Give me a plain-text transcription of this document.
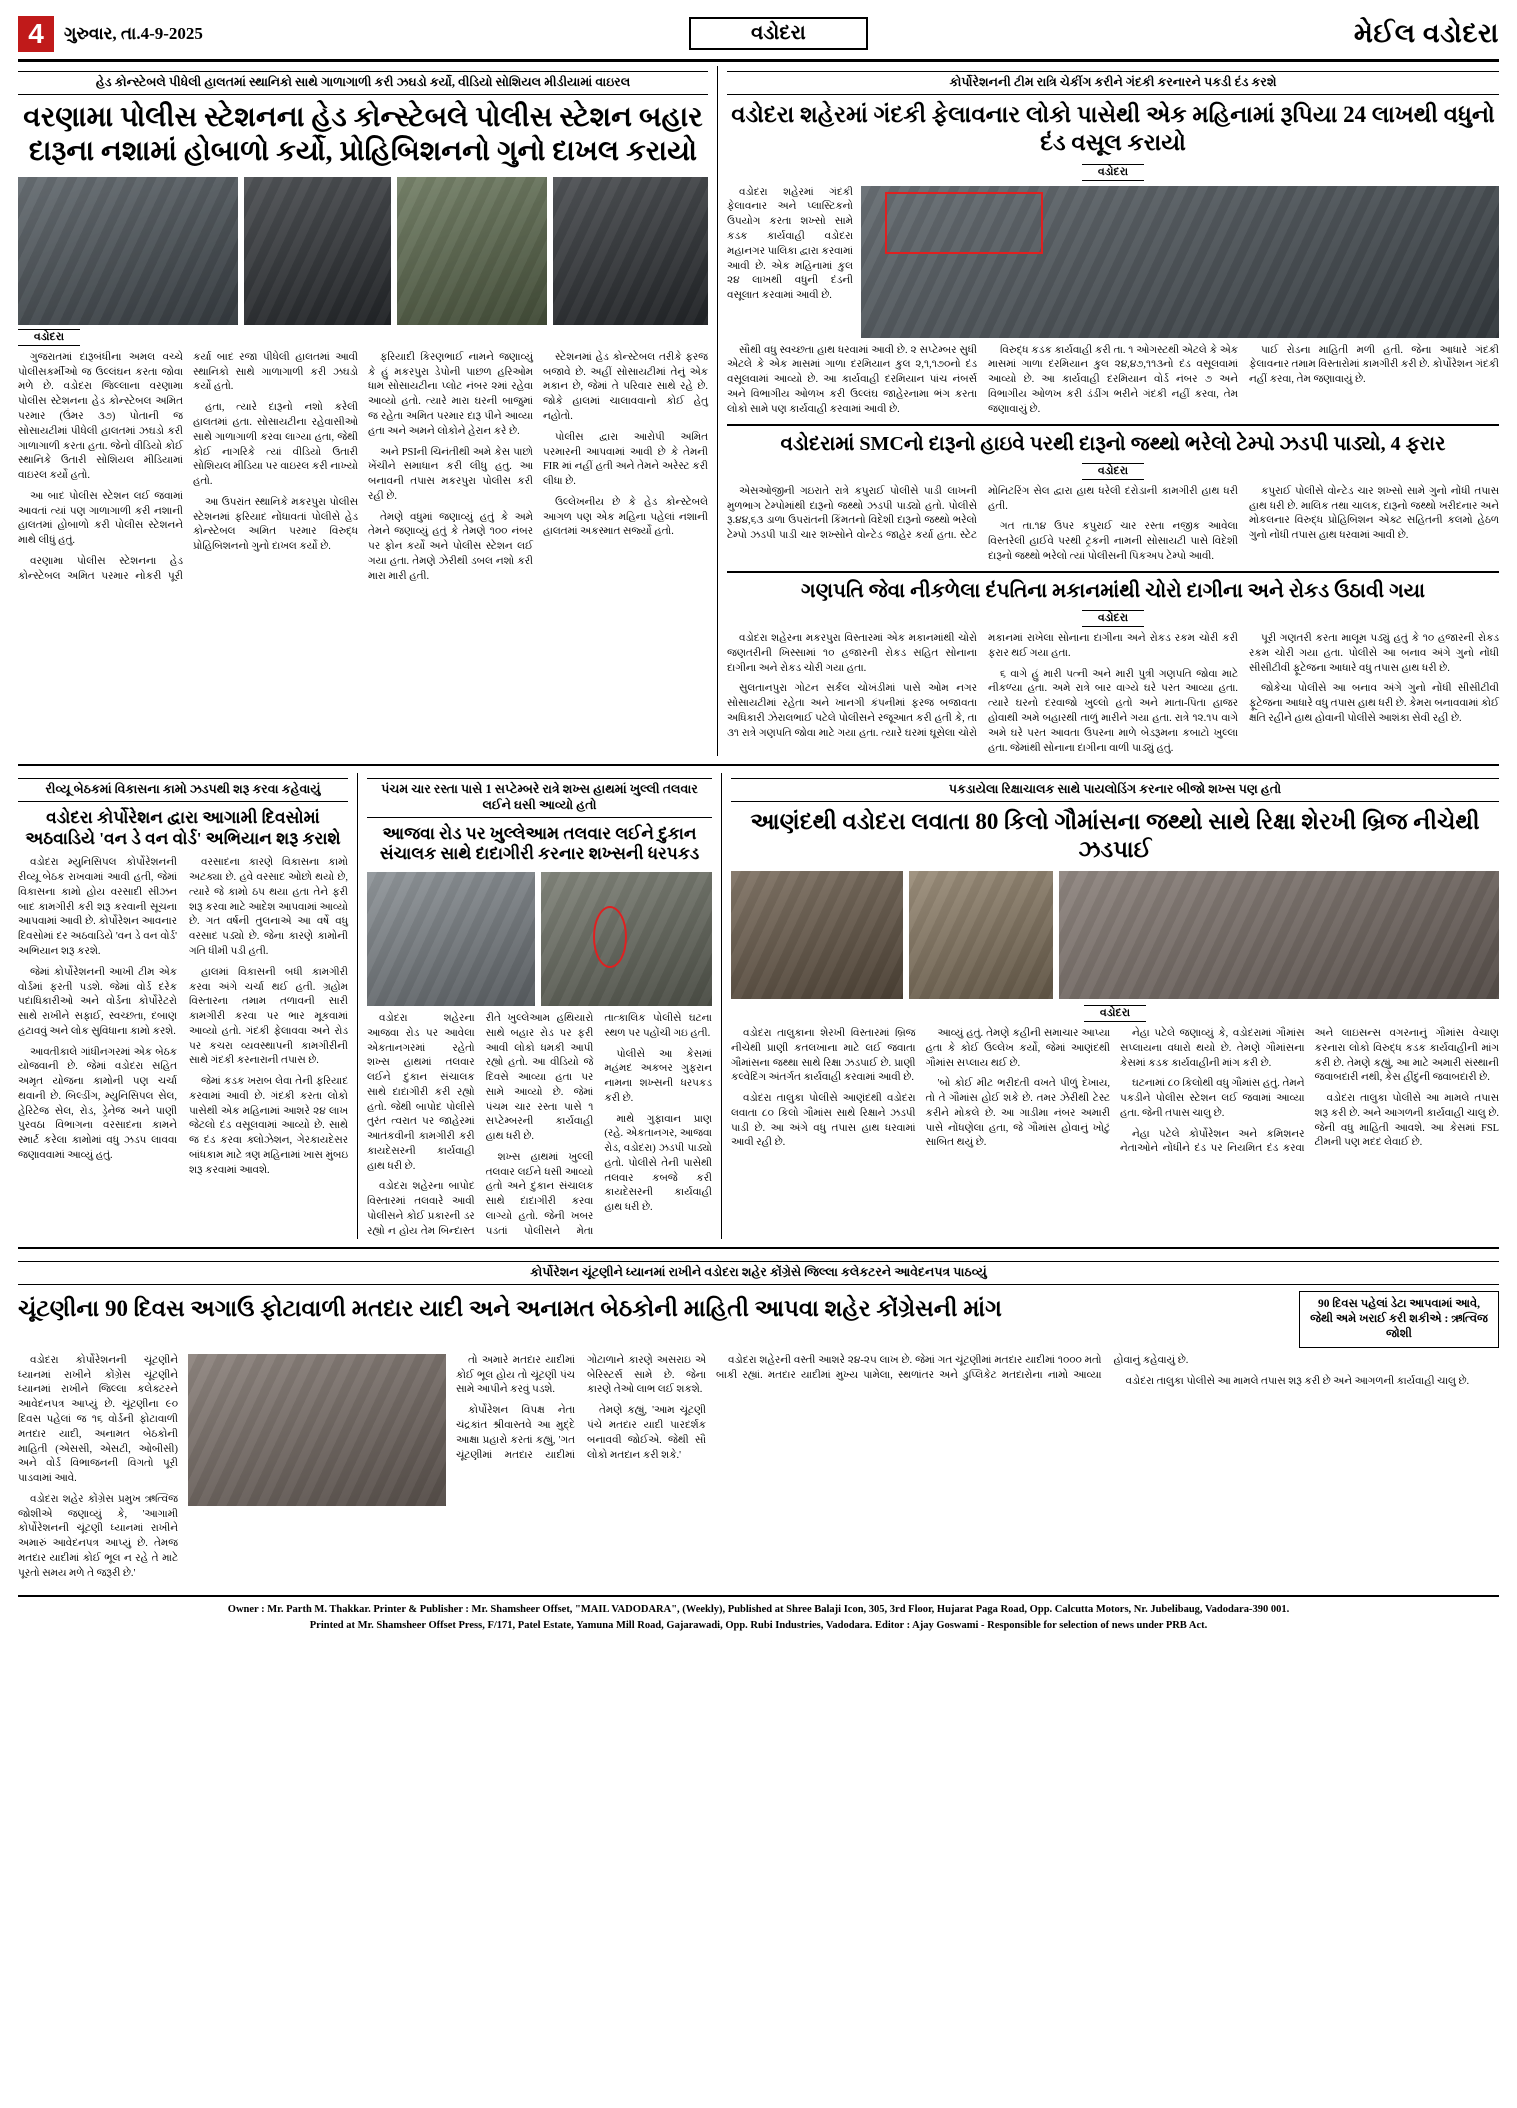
4	ગુરુવાર, તા.4-9-2025	વડોદરા	મેઈલ વડોદરા
હેડ કોન્સ્ટેબલે પીધેલી હાલતમાં સ્થાનિકો સાથે ગાળાગાળી કરી ઝઘડો કર્યો, વીડિયો સોશિયલ મીડીયામાં વાઇરલ
વરણામા પોલીસ સ્ટેશનના હેડ કોન્સ્ટેબલે પોલીસ સ્ટેશન બહાર દારૂના નશામાં હોબાળો કર્યો, પ્રોહિબિશનનો ગુનો દાખલ કરાયો
વડોદરા

ગુજરાતમાં દારૂબંધીના અમલ વચ્ચે પોલીસકર્મીઓ જ ઉલ્લંઘન કરતા જોવા મળે છે. વડોદરા જિલ્લાના વરણામા પોલીસ સ્ટેશનના હેડ કોન્સ્ટેબલ અમિત પરમાર (ઉંમર ૩૭) પોતાની જ સોસાયટીમાં પીધેલી હાલતમાં ઝઘડો કરી ગાળાગાળી કરતા હતા. જેનો વીડિયો કોઈ સ્થાનિકે ઉતારી સોશિયલ મીડિયામાં વાઇરલ કર્યો હતો.

આ બાદ પોલીસ સ્ટેશન લઈ જવામાં આવતાં ત્યાં પણ ગાળાગાળી કરી નશાની હાલતમાં હોબાળો કરી પોલીસ સ્ટેશનને માથે લીધું હતું.

વરણામા પોલીસ સ્ટેશનના હેડ કોન્સ્ટેબલ અમિત પરમાર નોકરી પૂરી કર્યા બાદ રજા પીધેલી હાલતમાં આવી સ્થાનિકો સાથે ગાળાગાળી કરી ઝઘડો કર્યો હતો.

હતા, ત્યારે દારૂનો નશો કરેલી હાલતમાં હતા. સોસાયટીના રહેવાસીઓ સાથે ગાળાગાળી કરવા લાગ્યા હતા, જેથી કોઈ નાગરિકે ત્યાં વીડિયો ઉતારી સોશિયલ મીડિયા પર વાઇરલ કરી નાખ્યો હતો.

આ ઉપરાંત સ્થાનિકે મકરપુરા પોલીસ સ્ટેશનમાં ફરિયાદ નોંધાવતાં પોલીસે હેડ કોન્સ્ટેબલ અમિત પરમાર વિરુદ્ધ પ્રોહિબિશનનો ગુનો દાખલ કર્યો છે.

ફરિયાદી કિરણભાઈ નામને જણાવ્યું કે હું મકરપુરા ડેપોની પાછળ હરિઓમ ધામ સોસાયટીના પ્લોટ નંબર ૨માં રહેવા આવ્યો હતો. ત્યારે મારા ઘરની બાજુમાં જ રહેતા અમિત પરમાર દારૂ પીને આવ્યા હતા અને અમને લોકોને હેરાન કરે છે.

અને PSIની ચિનંતીથી અમે કેસ પાછો ખેંચીને સમાધાન કરી લીધુ હતુ. આ બનાવની તપાસ મકરપુરા પોલીસ કરી રહી છે.

તેમણે વધુમાં જણાવ્યું હતું કે અમે તેમને જણાવ્યું હતું કે તેમણે ૧૦૦ નંબર પર ફોન કર્યો અને પોલીસ સ્ટેશન લઈ ગયા હતા. તેમણે ઝેરીથી ડબલ નશો કરી મારા મારી હતી.

સ્ટેશનમાં હેડ કોન્સ્ટેબલ તરીકે ફરજ બજાવે છે. અહીં સોસાયટીમાં તેનું એક મકાન છે, જેમાં તે પરિવાર સાથે રહે છે. જોકે હાલમાં ચાલાવવાનો કોઈ હેતુ નહોતો.

પોલીસ દ્વારા આરોપી અમિત પરમારની આપવામાં આવી છે કે તેમની FIR માં નહીં હતી અને તેમને અરેસ્ટ કરી લીધા છે.

ઉલ્લેખનીય છે કે હેડ કોન્સ્ટેબલે આગળ પણ એક મહિના પહેલાં નશાની હાલતમાં અકસ્માત સર્જ્યો હતો.

કોર્પોરેશનની ટીમ રાત્રિ ચેકીંગ કરીને ગંદકી કરનારને પકડી દંડ કરશે
વડોદરા શહેરમાં ગંદકી ફેલાવનાર લોકો પાસેથી એક મહિનામાં રૂપિયા 24 લાખથી વધુનો દંડ વસૂલ કરાયો
વડોદરા

વડોદરા શહેરમાં ગંદકી ફેલાવનાર અને પ્લાસ્ટિકનો ઉપયોગ કરતા શખ્સો સામે કડક કાર્યવાહી વડોદરા મહાનગર પાલિકા દ્વારા કરવામાં આવી છે. એક મહિનામાં કુલ ૨૪ લાખથી વધુની દંડની વસૂલાત કરવામાં આવી છે.

સૌથી વધુ સ્વચ્છતા હાથ ધરવામાં આવી છે. ૨ સપ્ટેમ્બર સુધી એટલે કે એક માસમાં ગાળા દરમિયાન કુલ ૨,૧,૧૭૦નો દંડ વસૂલવામાં આવ્યો છે. આ કાર્યવાહી દરમિયાન પાંચ નંબર્સ અને વિભાગીય ઓળખ કરી ઉલ્લંઘ જાહેરનામા ભંગ કરતા લોકો સામે પણ કાર્યવાહી કરવામાં આવી છે.

વિરુદ્ધ કડક કાર્યવાહી કરી તા. ૧ ઓગસ્ટથી એટલે કે એક માસમાં ગાળા દરમિયાન કુલ ૨૪,૪૭,૧૧૩નો દંડ વસૂલવામાં આવ્યો છે. આ કાર્યવાહી દરમિયાન વોર્ડ નંબર ૭ અને વિભાગીય ઓળખ કરી ડંડીંગ ભરીને ગંદકી નહીં કરવા, તેમ જણાવાયું છે.

પાઈ રોડના માહિતી મળી હતી. જેના આધારે ગંદકી ફેલાવનાર તમામ વિસ્તારોમાં કામગીરી કરી છે. કોર્પોરેશન ગંદકી નહીં કરવા, તેમ જણાવાયું છે.

વડોદરામાં SMCનો દારૂનો હાઇવે પરથી દારૂનો જથ્થો ભરેલો ટેમ્પો ઝડપી પાડ્યો, 4 ફરાર
વડોદરા

એસઓજીની ગઇરાતે રાત્રે કપુરાઈ પોલીસે પાડી લાખની મુળભાગ ટેમ્પોમાંથી દારૂનો જથ્થો ઝડપી પાડ્યો હતો. પોલીસે રૂ.૪૪,૬૩ ડાળા ઉપરાંતની કિંમતનો વિદેશી દારૂનો જથ્થો ભરેલો ટેમ્પો ઝડપી પાડી ચાર શખ્સોને વોન્ટેડ જાહેર કર્યા હતા. સ્ટેટ મોનિટરિંગ સેલ દ્વારા હાથ ધરેલી દરોડાની કામગીરી હાથ ધરી હતી.

ગત તા.૧૪ ઉપર કપુરાઈ ચાર રસ્તા નજીક આવેલા વિસ્તરેલી હાઈવે પરથી ટ્રકની નામની સોસાયટી પાસે વિદેશી દારૂનો જથ્થો ભરેલો ત્યાં પોલીસની પિકઅપ ટેમ્પો આવી.

કપુરાઈ પોલીસે વોન્ટેડ ચાર શખ્સો સામે ગુનો નોંધી તપાસ હાથ ધરી છે. માલિક તથા ચાલક, દારૂનો જથ્થો ખરીદનાર અને મોકલનાર વિરુદ્ધ પ્રોહિબિશન એક્ટ સહિતની કલમો હેઠળ ગુનો નોંધી તપાસ હાથ ધરવામાં આવી છે.

ગણપતિ જેવા નીકળેલા દંપતિના મકાનમાંથી ચોરો દાગીના અને રોકડ ઉઠાવી ગયા
વડોદરા

વડોદરા શહેરના મકરપુરા વિસ્તારમાં એક મકાનમાંથી ચોરો જણતરીની ખિસ્સામાં ૧૦ હજારની રોકડ સહિત સોનાના દાગીના અને રોકડ ચોરી ગયા હતા.

સુલતાનપુરા ગોટન સર્કલ ચોખંડીમાં પાસે ઓમ નગર સોસાયટીમાં રહેતા અને ખાનગી કંપનીમાં ફરજ બજાવતા અધિકારી ઝેરાલભાઈ પટેલે પોલીસને રજૂઆત કરી હતી કે, તા ૩૧ રાત્રે ગણપતિ જોવા માટે ગયા હતા. ત્યારે ઘરમાં ઘૂસેલા ચોરો મકાનમાં રાખેલા સોનાના દાગીના અને રોકડ રકમ ચોરી કરી ફરાર થઈ ગયા હતા.

૬ વાગે હું મારી પત્ની અને મારી પુત્રી ગણપતિ જોવા માટે નીકળ્યા હતા. અમે રાત્રે બાર વાગ્યે ઘરે પરત આવ્યા હતા. ત્યારે ઘરનો દરવાજો ખુલ્લો હતો અને માતા-પિતા હાજર હોવાથી અમે બહારથી તાળું મારીને ગયા હતા. રાત્રે ૧૨.૧૫ વાગે અમે ઘરે પરત આવતા ઉપરના માળે બેડરૂમના કબાટો ખુલ્લા હતા. જેમાંથી સોનાના દાગીના વાળી પાડ્યું હતું.

પૂરી ગણતરી કરતા માલૂમ પડ્યું હતું કે ૧૦ હજારની રોકડ રકમ ચોરી ગયા હતા. પોલીસે આ બનાવ અંગે ગુનો નોંધી સીસીટીવી ફૂટેજના આધારે વધુ તપાસ હાથ ધરી છે.

જોકેચા પોલીસે આ બનાવ અંગે ગુનો નોંધી સીસીટીવી ફૂટેજના આધારે વધુ તપાસ હાથ ધરી છે. કેમરા બનાવવામાં કોઈ ક્ષતિ રહીને હાથ હોવાની પોલીસે આશંકા સેવી રહી છે.

રીવ્યૂ બેઠકમાં વિકાસના કામો ઝડપથી શરૂ કરવા કહેવાયું
વડોદરા કોર્પોરેશન દ્વારા આગામી દિવસોમાં અઠવાડિયે 'વન ડે વન વોર્ડ' અભિયાન શરૂ કરાશે

વડોદરા મ્યુનિસિપલ કોર્પોરેશનની રીવ્યૂ બેઠક રાખવામાં આવી હતી, જેમાં વિકાસના કામો હોય વરસાદી સીઝન બાદ કામગીરી કરી શરૂ કરવાની સૂચના આપવામાં આવી છે. કોર્પોરેશન આવનાર દિવસોમાં દર અઠવાડિયે 'વન ડે વન વોર્ડ' અભિયાન શરૂ કરશે.

જેમાં કોર્પોરેશનની આખી ટીમ એક વોર્ડમાં ફરતી પડશે. જેમાં વોર્ડ દરેક પદાધિકારીઓ અને વોર્ડના કોર્પોરેટરો સાથે રાખીને સફાઈ, સ્વચ્છતા, દબાણ હટાવવું અને લોક સુવિધાના કામો કરશે.

આવતીકાલે ગાંધીનગરમાં એક બેઠક યોજવાની છે. જેમાં વડોદરા સહિત અમૃત યોજના કામોની પણ ચર્ચા થવાની છે. બિલ્ડીંગ, મ્યુનિસિપલ સેલ, હેરિટેજ સેલ, રોડ, ડ્રેનેજ અને પાણી પુરવઠા વિભાગના વરસાદના કામને સ્માર્ટ કરેલા કામોમાં વધુ ઝડપ લાવવા જણાવવામાં આવ્યું હતું.

વરસાદના કારણે વિકાસના કામો અટક્યા છે. હવે વરસાદ ઓછો થયો છે, ત્યારે જે કામો ઠપ થયા હતા તેને ફરી શરૂ કરવા માટે આદેશ આપવામાં આવ્યો છે. ગત વર્ષની તુલનાએ આ વર્ષે વધુ વરસાદ પડ્યો છે. જેના કારણે કામોની ગતિ ધીમી પડી હતી.

હાલમાં વિકાસની બધી કામગીરી કરવા અંગે ચર્ચા થઈ હતી. ગ્રહોમ વિસ્તારના તમામ તળાવની સારી કામગીરી કરવા પર ભાર મૂકવામાં આવ્યો હતો. ગંદકી ફેલાવવા અને રોડ પર કચરા વ્યવસ્થાપની કામગીરીની સાથે ગંદકી કરનારાની તપાસ છે.

જેમાં કડક ખરાબ લેવા તેની ફરિયાદ કરવામાં આવી છે. ગંદકી કરતા લોકો પાસેથી એક મહિનામાં આશરે ૨૪ લાખ જેટલો દંડ વસૂલવામાં આવ્યો છે. સાથે જ દંડ કરવા ક્લોઝેશન, ગેરકાયદેસર બાંધકામ માટે ત્રણ મહિનામાં ખાસ મુંબઇ શરૂ કરવામાં આવશે.

પંચમ ચાર રસ્તા પાસે 1 સપ્ટેમ્બરે રાત્રે શખ્સ હાથમાં ખુલ્લી તલવાર લઈને ઘસી આવ્યો હતો
આજવા રોડ પર ખુલ્લેઆમ તલવાર લઈને દુકાન સંચાલક સાથે દાદાગીરી કરનાર શખ્સની ધરપકડ

વડોદરા શહેરના આજવા રોડ પર આવેલા એકતાનગરમાં રહેતો શખ્સ હાથમાં તલવાર લઈને દુકાન સંચાલક સાથે દાદાગીરી કરી રહ્યો હતો. જેથી બાપોદ પોલીસે તુરંત ત્વરાત પર જાહેરમાં આતંકવીની કામગીરી કરી કાયદેસરની કાર્યવાહી હાથ ધરી છે.

વડોદરા શહેરના બાપોદ વિસ્તારમાં તલવારે આવી પોલીસને કોઈ પ્રકારની ડર રહ્યો ન હોય તેમ બિન્દાસ્ત રીતે ખુલ્લેઆમ હથિયારો સાથે બહાર રોડ પર ફરી આવી લોકો ધમકી આપી રહ્યો હતો. આ વીડિયો જે દિવસે આવ્યા હતા પર સામે આવ્યો છે. જેમાં પંચમ ચાર રસ્તા પાસે ૧ સપ્ટેમ્બરની કાર્યવાહી હાથ ધરી છે.

શખ્સ હાથમાં ખુલ્લી તલવાર લઈને ધસી આવ્યો હતો અને દુકાન સંચાલક સાથે દાદાગીરી કરવા લાગ્યો હતો. જેની ખબર પડતાં પોલીસને મેતા તાત્કાલિક પોલીસે ઘટના સ્થળ પર પહોંચી ગઇ હતી.

પોલીસે આ કેસમાં મહંમદ અકબર ગુફરાન નામના શખ્સની ધરપકડ કરી છે.

માથે ગુફાવાન પ્રાણ (રહે. એકતાનગર, આજવા રોડ, વડોદરા) ઝડપી પાડ્યો હતો. પોલીસે તેની પાસેથી તલવાર કબજે કરી કાયદેસરની કાર્યવાહી હાથ ધરી છે.

પકડાયેલા રિક્ષાચાલક સાથે પાયલોડિંગ કરનાર બીજો શખ્સ પણ હતો
આણંદથી વડોદરા લવાતા 80 કિલો ગૌમાંસના જથ્થો સાથે રિક્ષા શેરખી બ્રિજ નીચેથી ઝડપાઈ
વડોદરા

વડોદરા તાલુકાના શેરખી વિસ્તારમાં બ્રિજ નીચેથી પ્રાણી કતલખાના માટે લઈ જવાતા ગૌમાંસના જથ્થા સાથે રિક્ષા ઝડપાઈ છે. પ્રાણી કલ્વેદિંગ અંતર્ગત કાર્યવાહી કરવામાં આવી છે.

વડોદરા તાલુકા પોલીસે આણંદથી વડોદરા લવાતા ૮૦ કિલો ગૌમાંસ સાથે રિક્ષાને ઝડપી પાડી છે. આ અંગે વધુ તપાસ હાથ ધરવામાં આવી રહી છે.

આવ્યું હતું. તેમણે કહીની સમાચાર આપ્યા હતા કે કોઈ ઉલ્લેખ કર્યો, જેમાં આણંદથી ગૌમાંસ સપ્લાય થઈ છે.

'બો કોઈ મીટ ભરીદતી વખતે પીળું દેખાય, તો તે ગૌમાંસ હોઈ શકે છે. તમર ઝેરીથી ટેસ્ટ કરીને મોકલે છે. આ ગાડીમા નંબર અમારી પાસે નોંધણેલા હતા, જે ગૌમાંસ હોવાનું ખોટું સાબિત થયું છે.

નેહા પટેલે જણાવ્યું કે, વડોદરામાં ગૌમાંસ સપ્લાયના વધારો થયો છે. તેમણે ગૌમાંસના કેસમાં કડક કાર્યવાહીની માંગ કરી છે.

ઘટનામાં ૮૦ કિલોથી વધુ ગૌમાંસ હતું. તેમને પકડીને પોલીસ સ્ટેશન લઈ જવામાં આવ્યા હતા. જેની તપાસ ચાલુ છે.

નેહા પટેલે કોર્પોરેશન અને કમિશનર નેતાઓને નોંધીને દંડ પર નિયમિત દંડ કરવા અને લાઇસન્સ વગરનાનું ગૌમાંસ વેચાણ કરનારા લોકો વિરુદ્ધ કડક કાર્યવાહીની માંગ કરી છે. તેમણે કહ્યું, આ માટે અમારી સંસ્થાની જવાબદારી નથી, કેસ હીંદુની જવાબદારી છે.

વડોદરા તાલુકા પોલીસે આ મામલે તપાસ શરૂ કરી છે. અને આગળની કાર્યવાહી ચાલુ છે. જેની વધુ માહિતી આવશે. આ કેસમાં FSL ટીમની પણ મદદ લેવાઈ છે.

કોર્પોરેશન ચૂંટણીને ધ્યાનમાં રાખીને વડોદરા શહેર કોંગ્રેસે જિલ્લા કલેકટરને આવેદનપત્ર પાઠવ્યું
ચૂંટણીના 90 દિવસ અગાઉ ફોટાવાળી મતદાર યાદી અને અનામત બેઠકોની માહિતી આપવા શહેર કોંગ્રેસની માંગ	90 દિવસ પહેલાં ડેટા આપવામાં આવે, જેથી અમે ખરાઈ કરી શકીએ : ઋત્વિજ જોશી

વડોદરા કોર્પોરેશનની ચૂંટણીને ધ્યાનમાં રાખીને કોંગ્રેસ ચૂંટણીને ધ્યાનમાં રાખીને જિલ્લા કલેક્ટરને આવેદનપત્ર આપ્યું છે. ચૂંટણીના ૯૦ દિવસ પહેલાં જ ૧૬ વોર્ડની ફોટાવાળી મતદાર યાદી, અનામત બેઠકોની માહિતી (એસસી, એસટી, ઓબીસી) અને વોર્ડ વિભાજનની વિગતો પૂરી પાડવામાં આવે.

વડોદરા શહેર કોંગ્રેસ પ્રમુખ ઋત્વિજ જોશીએ જણાવ્યું કે, 'આગામી કોર્પોરેશનની ચૂંટણી ધ્યાનમાં રાખીને અમારું આવેદનપત્ર આપ્યું છે. તેમજ મતદાર યાદીમાં કોઈ ભૂલ ન રહે તે માટે પૂરતો સમય મળે તે જરૂરી છે.'

તો અમારે મતદાર યાદીમાં કોઈ ભૂલ હોય તો ચૂંટણી પંચ સામે આપીને કરવું પડશે.

કોર્પોરેશન વિપક્ષ નેતા ચંદ્રકાંત શ્રીવાસ્તવે આ મુદ્દે આક્ષા પ્રહારો કરતાં કહ્યું, 'ગત ચૂંટણીમાં મતદાર યાદીમાં ગોટાળાને કારણે અસરાઇ એ બેરિસ્ટર્સ સામે છે. જેના કારણે તેઓ લાભ લઈ શકશે.

તેમણે કહ્યું, 'આમ ચૂંટણી પંચે મતદાર યાદી પારદર્શક બનાવવી જોઈએ. જેથી સૌ લોકો મતદાન કરી શકે.'

વડોદરા શહેરની વસ્તી આશરે ૨૪-૨૫ લાખ છે. જેમાં ગત ચૂંટણીમાં મતદાર યાદીમાં ૧૦૦૦ મતો બાકી રહ્યાં. મતદાર યાદીમાં મુખ્ય પામેલા, સ્થળાંતર અને ડુપ્લિકેટ મતદારોના નામો આવ્યા હોવાનું કહેવાયું છે.

વડોદરા તાલુકા પોલીસે આ મામલે તપાસ શરૂ કરી છે અને આગળની કાર્યવાહી ચાલુ છે.

Owner : Mr. Parth M. Thakkar. Printer & Publisher : Mr. Shamsheer Offset, "MAIL VADODARA", (Weekly), Published at Shree Balaji Icon, 305, 3rd Floor, Hujarat Paga Road, Opp. Calcutta Motors, Nr. Jubelibaug, Vadodara-390 001.
Printed at Mr. Shamsheer Offset Press, F/171, Patel Estate, Yamuna Mill Road, Gajarawadi, Opp. Rubi Industries, Vadodara. Editor : Ajay Goswami - Responsible for selection of news under PRB Act.
